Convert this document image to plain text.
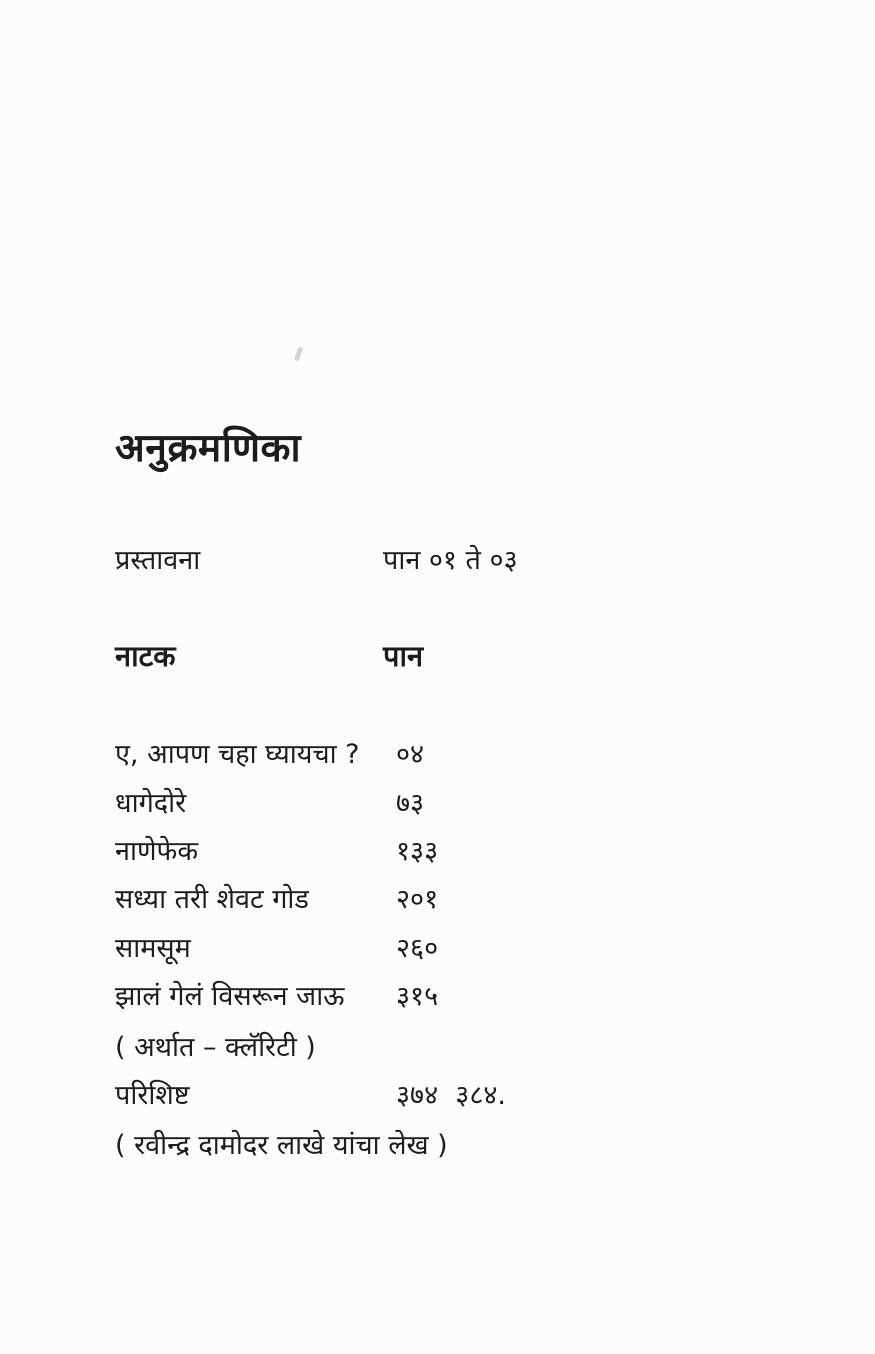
अनुक्रमणिका
प्रस्तावना	पान ०१ ते ०३
नाटक	पान
ए, आपण चहा घ्यायचा ?	०४
धागेदोरे	७३
नाणेफेक	१३३
सध्या तरी शेवट गोड	२०१
सामसूम	२६०
झालं गेलं विसरून जाऊ	३१५
( अर्थात – क्लॅरिटी )
परिशिष्ट	३७४  ३८४.
( रवीन्द्र दामोदर लाखे यांचा लेख )
